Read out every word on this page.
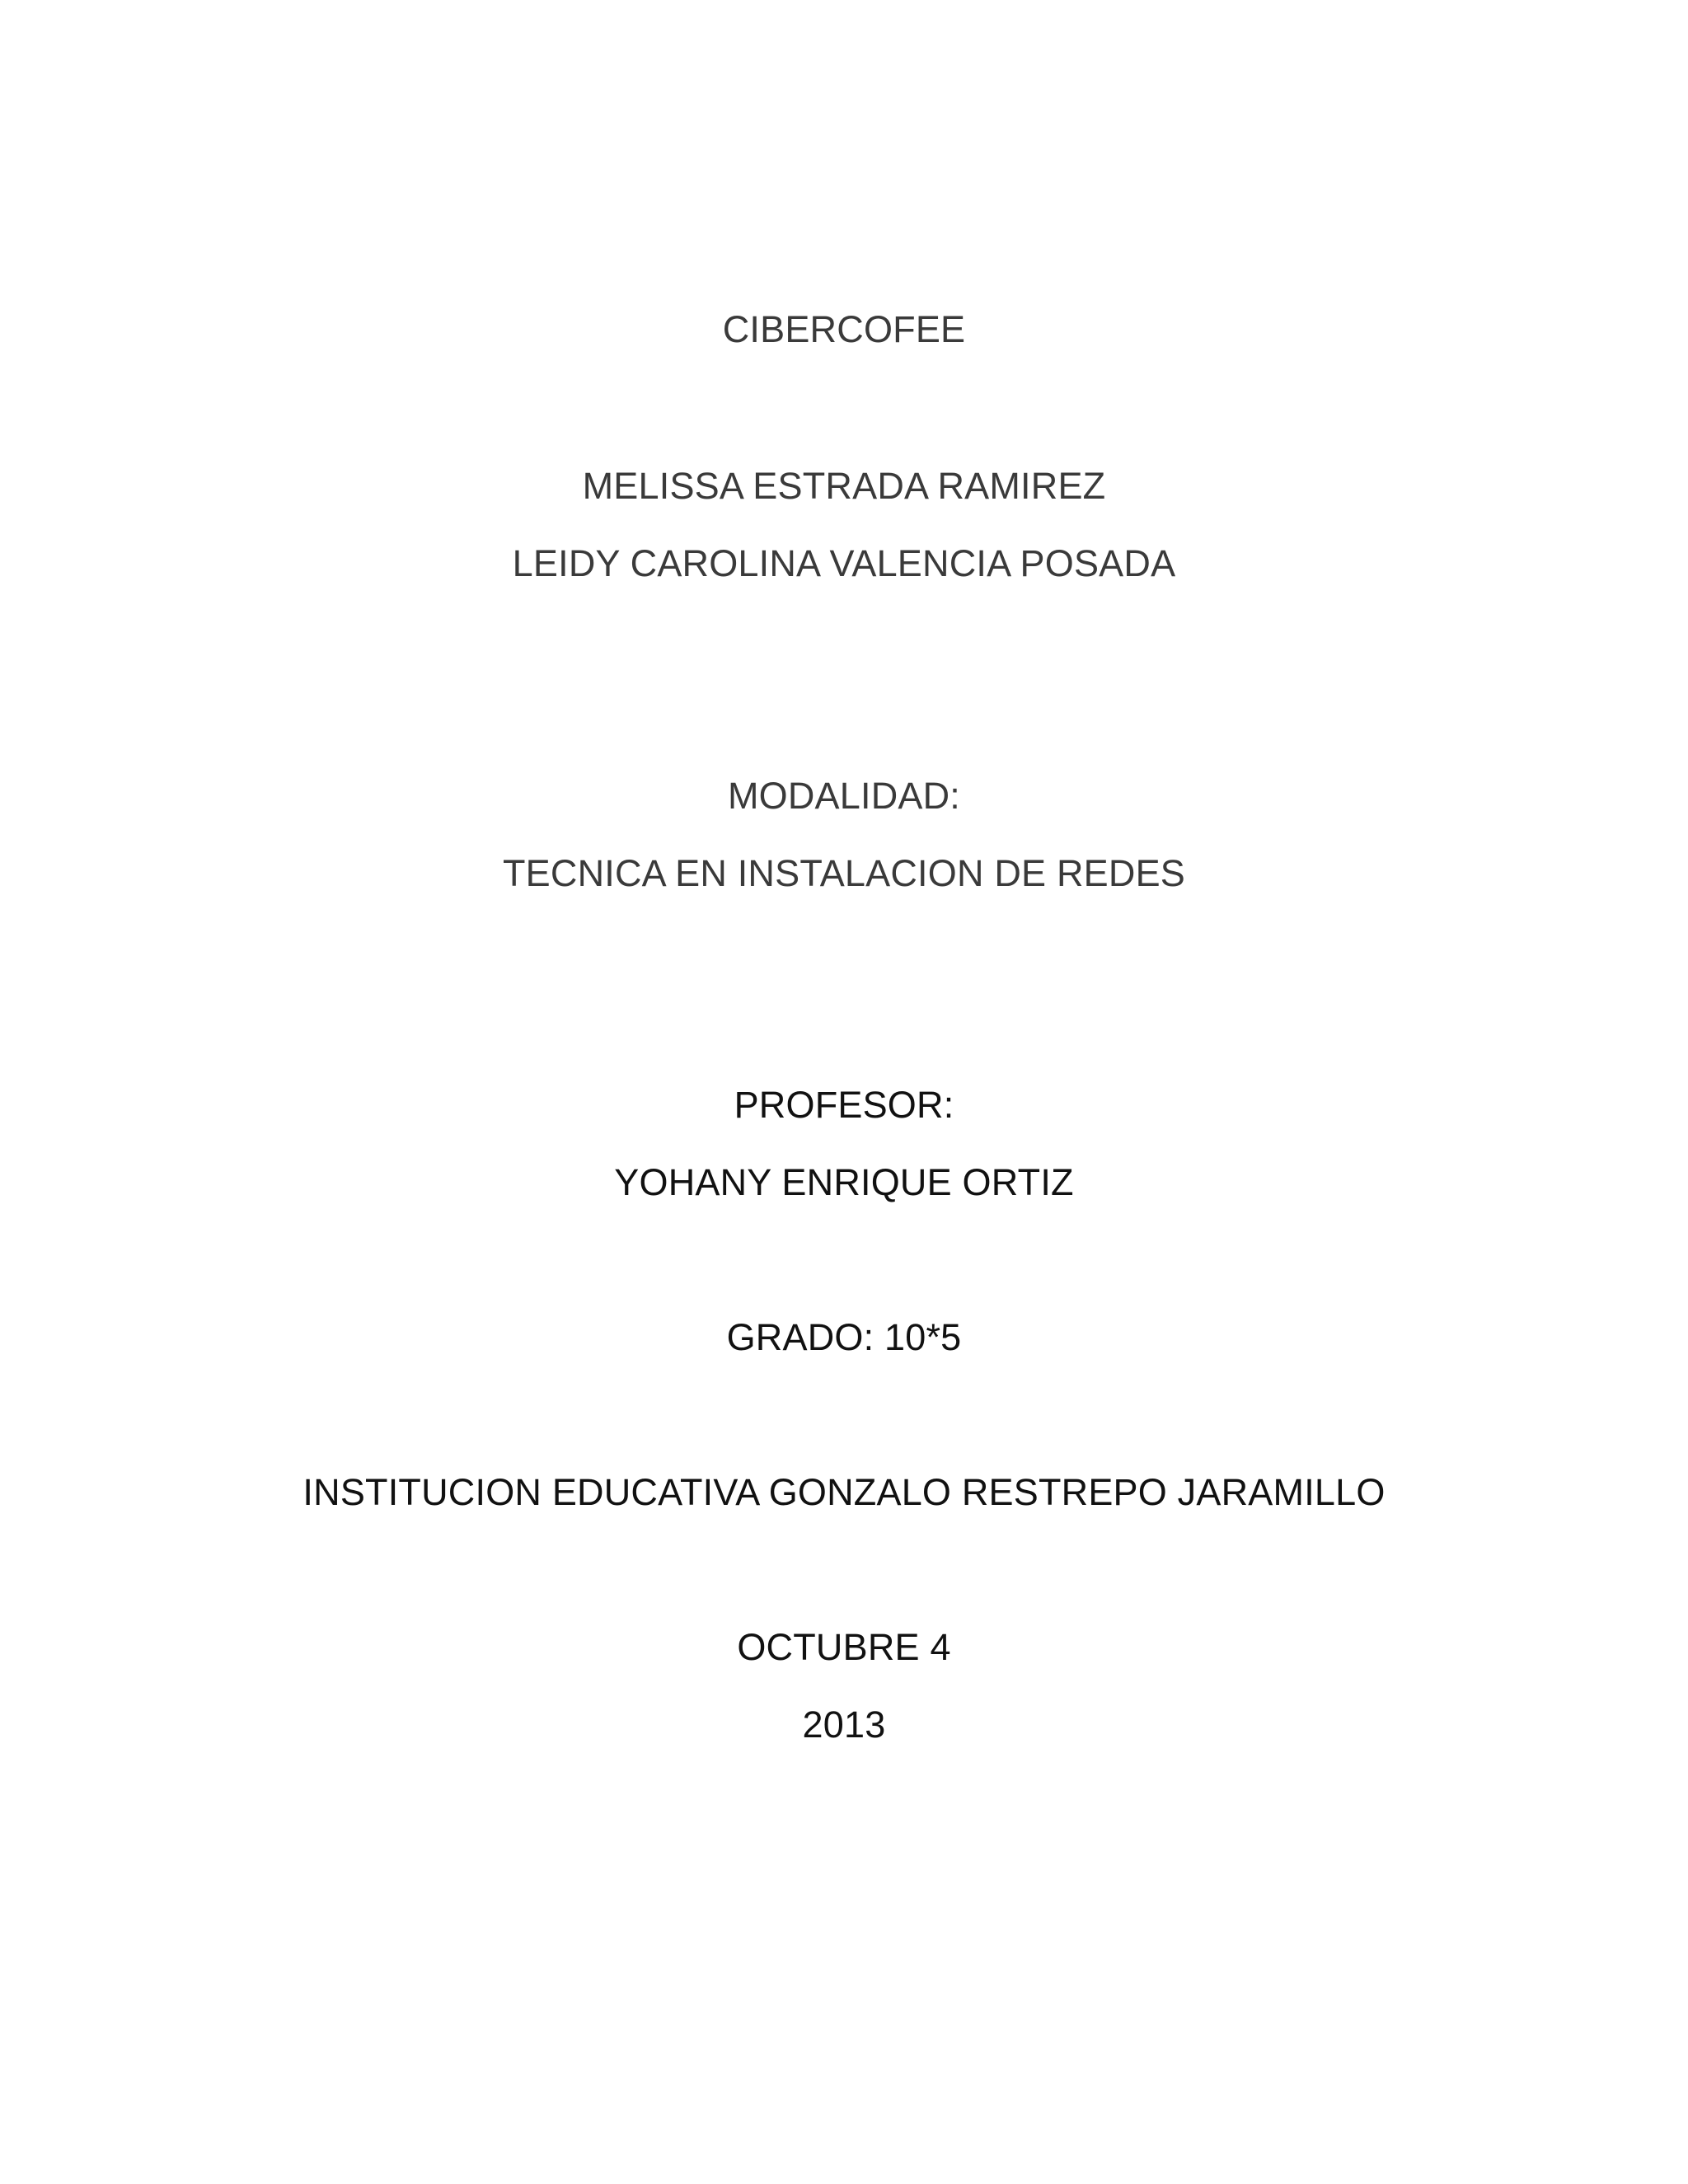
CIBERCOFEE
MELISSA ESTRADA RAMIREZ
LEIDY CAROLINA VALENCIA POSADA
MODALIDAD:
TECNICA EN INSTALACION DE REDES
PROFESOR:
YOHANY ENRIQUE ORTIZ
GRADO: 10*5
INSTITUCION EDUCATIVA GONZALO RESTREPO JARAMILLO
OCTUBRE 4
2013
